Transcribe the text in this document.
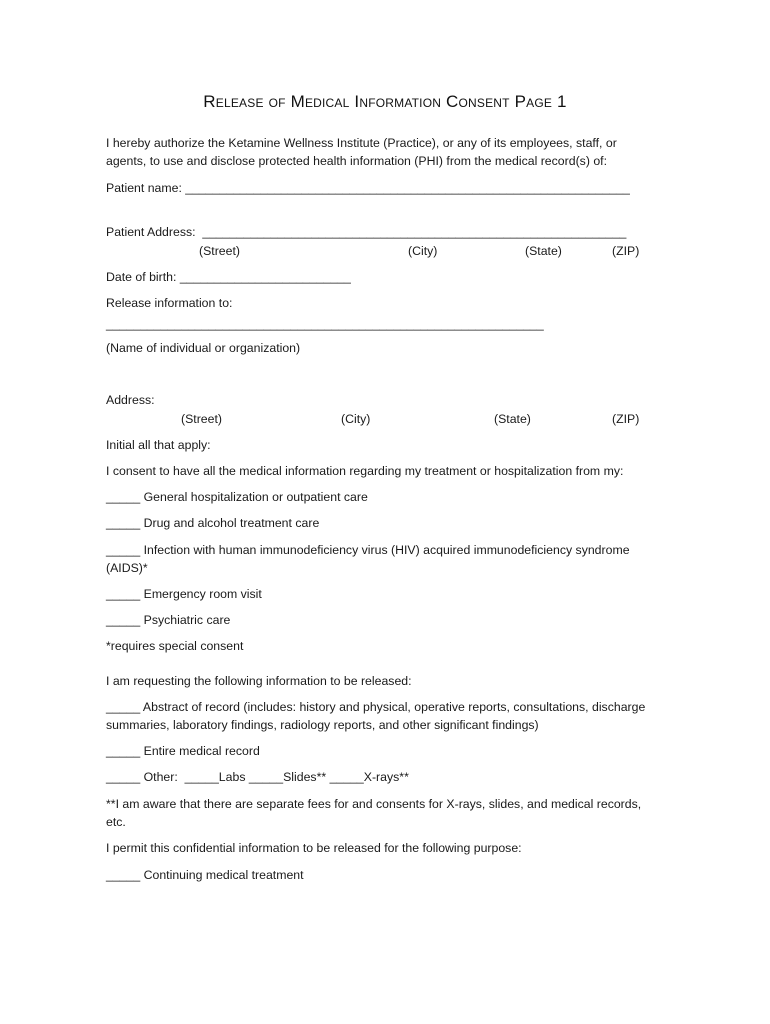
Release of Medical Information Consent Page 1
I hereby authorize the Ketamine Wellness Institute (Practice), or any of its employees, staff, or
agents, to use and disclose protected health information (PHI) from the medical record(s) of:
Patient name: _________________________________________________________________
Patient Address:  ______________________________________________________________
(Street)	(City)	(State)	(ZIP)
Date of birth: _________________________
Release information to:
________________________________________________________________
(Name of individual or organization)
Address:
(Street)	(City)	(State)	(ZIP)
Initial all that apply:
I consent to have all the medical information regarding my treatment or hospitalization from my:
_____ General hospitalization or outpatient care
_____ Drug and alcohol treatment care
_____ Infection with human immunodeficiency virus (HIV) acquired immunodeficiency syndrome
(AIDS)*
_____ Emergency room visit
_____ Psychiatric care
*requires special consent
I am requesting the following information to be released:
_____ Abstract of record (includes: history and physical, operative reports, consultations, discharge
summaries, laboratory findings, radiology reports, and other significant findings)
_____ Entire medical record
_____ Other:  _____Labs _____Slides** _____X-rays**
**I am aware that there are separate fees for and consents for X-rays, slides, and medical records,
etc.
I permit this confidential information to be released for the following purpose:
_____ Continuing medical treatment
